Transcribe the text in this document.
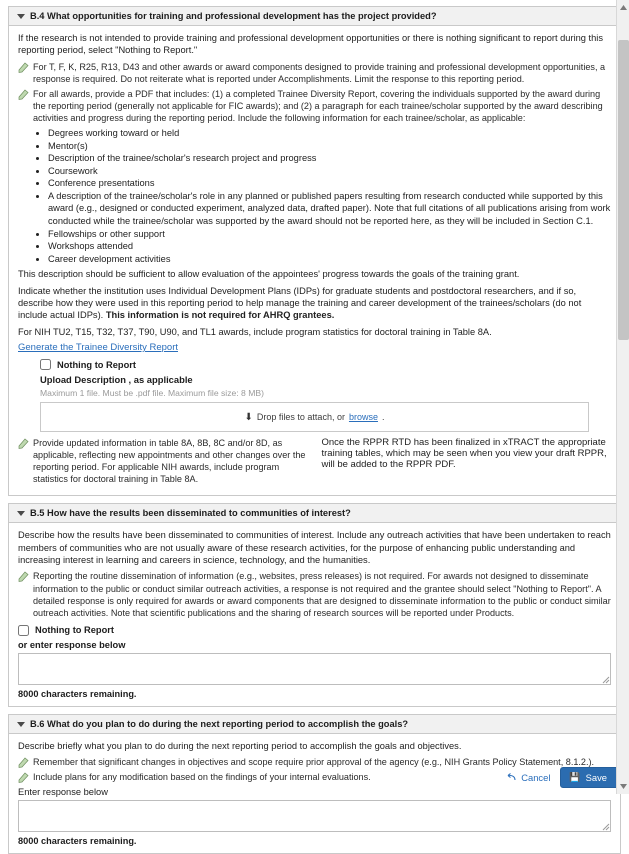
B.4 What opportunities for training and professional development has the project provided?

If the research is not intended to provide training and professional development opportunities or there is nothing significant to report during this reporting period, select "Nothing to Report."

For T, F, K, R25, R13, D43 and other awards or award components designed to provide training and professional development opportunities, a response is required. Do not reiterate what is reported under Accomplishments. Limit the response to this reporting period.
For all awards, provide a PDF that includes: (1) a completed Trainee Diversity Report, covering the individuals supported by the award during the reporting period (generally not applicable for FIC awards); and (2) a paragraph for each trainee/scholar supported by the award describing activities and progress during the reporting period. Include the following information for each trainee/scholar, as applicable:
• Degrees working toward or held
• Mentor(s)
• Description of the trainee/scholar's research project and progress
• Coursework
• Conference presentations
• A description of the trainee/scholar's role in any planned or published papers resulting from research conducted while supported by this award (e.g., designed or conducted experiment, analyzed data, drafted paper). Note that full citations of all publications arising from work conducted while the trainee/scholar was supported by the award should not be reported here, as they will be included in Section C.1.
• Fellowships or other support
• Workshops attended
• Career development activities

This description should be sufficient to allow evaluation of the appointees' progress towards the goals of the training grant.

Indicate whether the institution uses Individual Development Plans (IDPs) for graduate students and postdoctoral researchers, and if so, describe how they were used in this reporting period to help manage the training and career development of the trainees/scholars (do not include actual IDPs). This information is not required for AHRQ grantees.

For NIH TU2, T15, T32, T37, T90, U90, and TL1 awards, include program statistics for doctoral training in Table 8A.

Generate the Trainee Diversity Report
Nothing to Report
Upload Description , as applicable
Maximum 1 file. Must be .pdf file. Maximum file size: 8 MB)
⬇ Drop files to attach, or browse .
Provide updated information in table 8A, 8B, 8C and/or 8D, as applicable, reflecting new appointments and other changes over the reporting period. For applicable NIH awards, include program statistics for doctoral training in Table 8A.
Once the RPPR RTD has been finalized in xTRACT the appropriate training tables, which may be seen when you view your draft RPPR, will be added to the RPPR PDF.
B.5 How have the results been disseminated to communities of interest?

Describe how the results have been disseminated to communities of interest. Include any outreach activities that have been undertaken to reach members of communities who are not usually aware of these research activities, for the purpose of enhancing public understanding and increasing interest in learning and careers in science, technology, and the humanities.

Reporting the routine dissemination of information (e.g., websites, press releases) is not required. For awards not designed to disseminate information to the public or conduct similar outreach activities, a response is not required and the grantee should select "Nothing to Report". A detailed response is only required for awards or award components that are designed to disseminate information to the public or conduct similar outreach activities. Note that scientific publications and the sharing of research sources will be reported under Products.
Nothing to Report
or enter response below
8000 characters remaining.
B.6 What do you plan to do during the next reporting period to accomplish the goals?

Describe briefly what you plan to do during the next reporting period to accomplish the goals and objectives.

Remember that significant changes in objectives and scope require prior approval of the agency (e.g., NIH Grants Policy Statement, 8.1.2.).
Include plans for any modification based on the findings of your internal evaluations.
Enter response below
8000 characters remaining.
Cancel 💾 Save
